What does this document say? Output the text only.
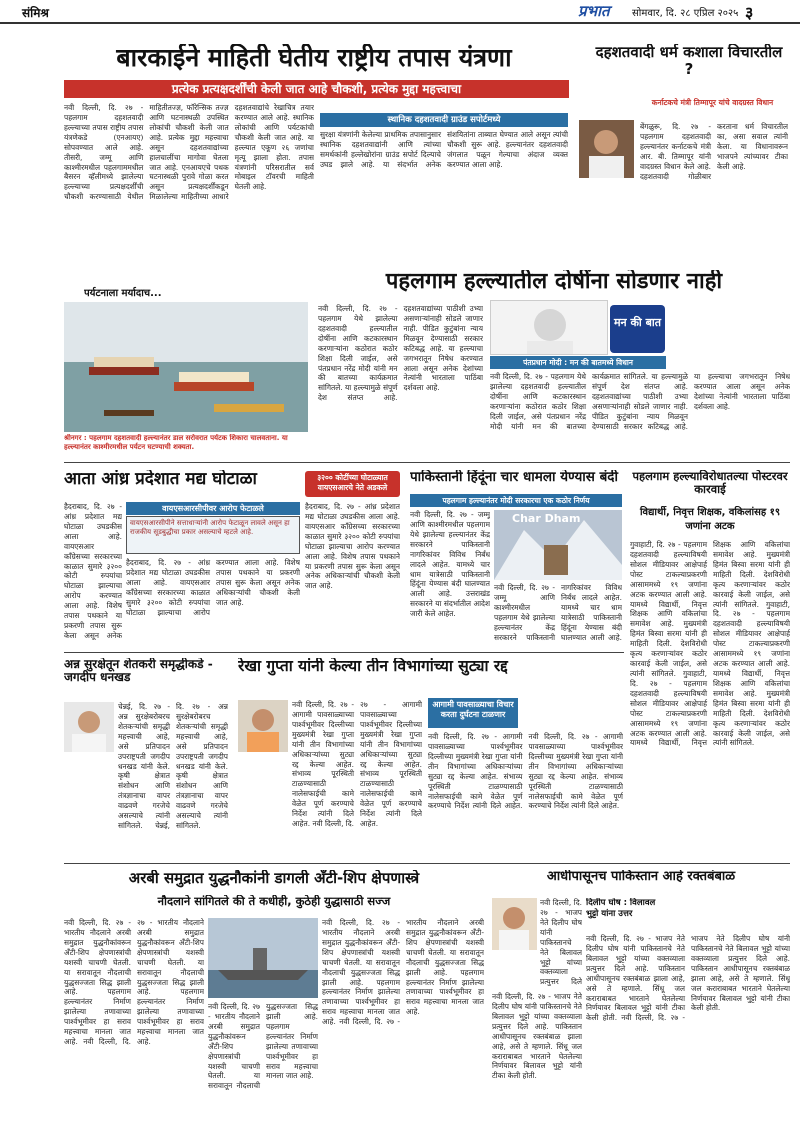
संमिश्र	प्रभात सोमवार, दि. २८ एप्रिल २०२५ ३
बारकाईने माहिती घेतीय राष्ट्रीय तपास यंत्रणा
प्रत्येक प्रत्यक्षदर्शींची केली जात आहे चौकशी, प्रत्येक मुद्दा महत्त्वाचा
नवी दिल्ली, दि. २७ - पहलगाम दहशतवादी हल्ल्याच्या तपास राष्ट्रीय तपास यंत्रणेकडे (एनआयए) सोपवण्यात आले आहे. तीसरी, जम्मू आणि काश्मीरमधील पहलगाममधील बैसरन व्हॅलीमध्ये झालेल्या हल्ल्याच्या प्रत्यक्षदर्शींची चौकशी करण्यासाठी येथील माहितीतज्ज्ञ, फॉरेन्सिक तज्ज्ञ आणि घटनास्थळी उपस्थित लोकांची चौकशी केली जात आहे. प्रत्येक मुद्दा महत्त्वाचा असून दहशतवाद्यांच्या हालचालींचा मागोवा घेतला जात आहे. एनआयएचे पथक घटनास्थळी पुरावे गोळा करत असून प्रत्यक्षदर्शींकडून मिळालेल्या माहितीच्या आधारे दहशतवाद्यांचे रेखाचित्र तयार करण्यात आले आहे. स्थानिक लोकांची आणि पर्यटकांची चौकशी केली जात आहे. या हल्ल्यात एकूण २६ जणांचा मृत्यू झाला होता. तपास यंत्रणांनी परिसरातील सर्व मोबाइल टॉवरची माहिती घेतली आहे.
स्थानिक दहशतवादी ग्राउंड सपोर्टमध्ये
सुरक्षा यंत्रणांनी केलेल्या प्राथमिक तपासानुसार स्थानिक दहशतवाद्यांनी आणि त्यांच्या समर्थकांनी हल्लेखोरांना ग्राउंड सपोर्ट दिल्याचे उघड झाले आहे. या संदर्भात अनेक संशयितांना ताब्यात घेण्यात आले असून त्यांची चौकशी सुरू आहे. हल्ल्यानंतर दहशतवादी जंगलात पळून गेल्याचा अंदाज व्यक्त करण्यात आला आहे.
दहशतवादी धर्म कशाला विचारतील ?
कर्नाटकचे मंत्री तिम्मापूर यांचे वादग्रस्त विधान
बेंगळुरू, दि. २७ - पहलगाम दहशतवादी हल्ल्यानंतर कर्नाटकचे मंत्री आर. बी. तिम्मापूर यांनी वादग्रस्त विधान केले आहे. दहशतवादी गोळीबार करताना धर्म विचारतील का, असा सवाल त्यांनी केला. या विधानावरून भाजपने त्यांच्यावर टीका केली आहे.
पर्यटनाला मर्यादाच...
श्रीनगर : पहलगाम दहशतवादी हल्ल्यानंतर डाल सरोवरात पर्यटक शिकारा चालवताना. या हल्ल्यानंतर काश्मीरमधील पर्यटन घटण्याची शक्यता.
पहलगाम हल्ल्यातील दोषींना सोडणार नाही
नवी दिल्ली, दि. २७ - पहलगाम येथे झालेल्या दहशतवादी हल्ल्यातील दोषींना आणि कटकारस्थान करणाऱ्यांना कठोरात कठोर शिक्षा दिली जाईल, असे पंतप्रधान नरेंद्र मोदी यांनी मन की बातच्या कार्यक्रमात सांगितले. या हल्ल्यामुळे संपूर्ण देश संतप्त आहे. दहशतवाद्यांच्या पाठीशी उभ्या असणाऱ्यांनाही सोडले जाणार नाही. पीडित कुटुंबांना न्याय मिळवून देण्यासाठी सरकार कटिबद्ध आहे. या हल्ल्याचा जगभरातून निषेध करण्यात आला असून अनेक देशांच्या नेत्यांनी भारताला पाठिंबा दर्शवला आहे.
मन की बात
पंतप्रधान मोदी : मन की बातमध्ये विधान
नवी दिल्ली, दि. २७ - पहलगाम येथे झालेल्या दहशतवादी हल्ल्यातील दोषींना आणि कटकारस्थान करणाऱ्यांना कठोरात कठोर शिक्षा दिली जाईल, असे पंतप्रधान नरेंद्र मोदी यांनी मन की बातच्या कार्यक्रमात सांगितले. या हल्ल्यामुळे संपूर्ण देश संतप्त आहे. दहशतवाद्यांच्या पाठीशी उभ्या असणाऱ्यांनाही सोडले जाणार नाही. पीडित कुटुंबांना न्याय मिळवून देण्यासाठी सरकार कटिबद्ध आहे. या हल्ल्याचा जगभरातून निषेध करण्यात आला असून अनेक देशांच्या नेत्यांनी भारताला पाठिंबा दर्शवला आहे.
आता आंध्र प्रदेशात मद्य घोटाळा	३२०० कोटींच्या घोटाळ्यात वायएसआरचे नेते अडकले
हैदराबाद, दि. २७ - आंध्र प्रदेशात मद्य घोटाळा उघडकीस आला आहे. वायएसआर काँग्रेसच्या सरकारच्या काळात सुमारे ३२०० कोटी रुपयांचा घोटाळा झाल्याचा आरोप करण्यात आला आहे. विशेष तपास पथकाने या प्रकरणी तपास सुरू केला असून अनेक
वायएसआरसीपीवर आरोप फेटाळले
वायएसआरसीपीने सत्ताधाऱ्यांनी आरोप फेटाळून लावले असून हा राजकीय सूडबुद्धीचा प्रकार असल्याचे म्हटले आहे.
हैदराबाद, दि. २७ - आंध्र प्रदेशात मद्य घोटाळा उघडकीस आला आहे. वायएसआर काँग्रेसच्या सरकारच्या काळात सुमारे ३२०० कोटी रुपयांचा घोटाळा झाल्याचा आरोप करण्यात आला आहे. विशेष तपास पथकाने या प्रकरणी तपास सुरू केला असून अनेक अधिकाऱ्यांची चौकशी केली जात आहे.
हैदराबाद, दि. २७ - आंध्र प्रदेशात मद्य घोटाळा उघडकीस आला आहे. वायएसआर काँग्रेसच्या सरकारच्या काळात सुमारे ३२०० कोटी रुपयांचा घोटाळा झाल्याचा आरोप करण्यात आला आहे. विशेष तपास पथकाने या प्रकरणी तपास सुरू केला असून अनेक अधिकाऱ्यांची चौकशी केली जात आहे.
पाकिस्तानी हिंदूंना चार धामला येण्यास बंदी
पहलगाम हल्ल्यानंतर मोदी सरकारचा एक कठोर निर्णय
नवी दिल्ली, दि. २७ - जम्मू आणि काश्मीरमधील पहलगाम येथे झालेल्या हल्ल्यानंतर केंद्र सरकारने पाकिस्तानी नागरिकांवर विविध निर्बंध लादले आहेत. यामध्ये चार धाम यात्रेसाठी पाकिस्तानी हिंदूंना येण्यास बंदी घालण्यात आली आहे. उत्तराखंड सरकारने या संदर्भातील आदेश जारी केले आहेत.
Char Dham
नवी दिल्ली, दि. २७ - जम्मू आणि काश्मीरमधील पहलगाम येथे झालेल्या हल्ल्यानंतर केंद्र सरकारने पाकिस्तानी नागरिकांवर विविध निर्बंध लादले आहेत. यामध्ये चार धाम यात्रेसाठी पाकिस्तानी हिंदूंना येण्यास बंदी घालण्यात आली आहे.
पहलगाम हल्ल्याविरोधातल्या पोस्टरवर कारवाई
विद्यार्थी, निवृत्त शिक्षक, वकिलांसह १९ जणांना अटक
गुवाहाटी, दि. २७ - पहलगाम दहशतवादी हल्ल्याविषयी सोशल मीडियावर आक्षेपार्ह पोस्ट टाकल्याप्रकरणी आसाममध्ये १९ जणांना अटक करण्यात आली आहे. यामध्ये विद्यार्थी, निवृत्त शिक्षक आणि वकिलांचा समावेश आहे. मुख्यमंत्री हिमंत बिस्वा सरमा यांनी ही माहिती दिली. देशविरोधी कृत्य करणाऱ्यांवर कठोर कारवाई केली जाईल, असे त्यांनी सांगितले. गुवाहाटी, दि. २७ - पहलगाम दहशतवादी हल्ल्याविषयी सोशल मीडियावर आक्षेपार्ह पोस्ट टाकल्याप्रकरणी आसाममध्ये १९ जणांना अटक करण्यात आली आहे. यामध्ये विद्यार्थी, निवृत्त शिक्षक आणि वकिलांचा समावेश आहे. मुख्यमंत्री हिमंत बिस्वा सरमा यांनी ही माहिती दिली. देशविरोधी कृत्य करणाऱ्यांवर कठोर कारवाई केली जाईल, असे त्यांनी सांगितले. गुवाहाटी, दि. २७ - पहलगाम दहशतवादी हल्ल्याविषयी सोशल मीडियावर आक्षेपार्ह पोस्ट टाकल्याप्रकरणी आसाममध्ये १९ जणांना अटक करण्यात आली आहे. यामध्ये विद्यार्थी, निवृत्त शिक्षक आणि वकिलांचा समावेश आहे. मुख्यमंत्री हिमंत बिस्वा सरमा यांनी ही माहिती दिली. देशविरोधी कृत्य करणाऱ्यांवर कठोर कारवाई केली जाईल, असे त्यांनी सांगितले.
अन्न सुरक्षेतून शेतकरी समृद्धीकडे - जगदीप धनखड
चेन्नई, दि. २७ - अन्न सुरक्षेबरोबरच शेतकऱ्यांची समृद्धी महत्त्वाची आहे, असे प्रतिपादन उपराष्ट्रपती जगदीप धनखड यांनी केले. कृषी क्षेत्रात संशोधन आणि तंत्रज्ञानाचा वापर वाढवणे गरजेचे असल्याचे त्यांनी सांगितले. चेन्नई, दि. २७ - अन्न सुरक्षेबरोबरच शेतकऱ्यांची समृद्धी महत्त्वाची आहे, असे प्रतिपादन उपराष्ट्रपती जगदीप धनखड यांनी केले. कृषी क्षेत्रात संशोधन आणि तंत्रज्ञानाचा वापर वाढवणे गरजेचे असल्याचे त्यांनी सांगितले.
रेखा गुप्ता यांनी केल्या तीन विभागांच्या सुट्या रद्द
नवी दिल्ली, दि. २७ - आगामी पावसाळ्याच्या पार्श्वभूमीवर दिल्लीच्या मुख्यमंत्री रेखा गुप्ता यांनी तीन विभागांच्या अधिकाऱ्यांच्या सुट्या रद्द केल्या आहेत. संभाव्य पूरस्थिती टाळण्यासाठी नालेसफाईची कामे वेळेत पूर्ण करण्याचे निर्देश त्यांनी दिले आहेत. नवी दिल्ली, दि. २७ - आगामी पावसाळ्याच्या पार्श्वभूमीवर दिल्लीच्या मुख्यमंत्री रेखा गुप्ता यांनी तीन विभागांच्या अधिकाऱ्यांच्या सुट्या रद्द केल्या आहेत. संभाव्य पूरस्थिती टाळण्यासाठी नालेसफाईची कामे वेळेत पूर्ण करण्याचे निर्देश त्यांनी दिले आहेत.
आगामी पावसाळ्याचा विचार करता दुर्घटना टाळणार
नवी दिल्ली, दि. २७ - आगामी पावसाळ्याच्या पार्श्वभूमीवर दिल्लीच्या मुख्यमंत्री रेखा गुप्ता यांनी तीन विभागांच्या अधिकाऱ्यांच्या सुट्या रद्द केल्या आहेत. संभाव्य पूरस्थिती टाळण्यासाठी नालेसफाईची कामे वेळेत पूर्ण करण्याचे निर्देश त्यांनी दिले आहेत. नवी दिल्ली, दि. २७ - आगामी पावसाळ्याच्या पार्श्वभूमीवर दिल्लीच्या मुख्यमंत्री रेखा गुप्ता यांनी तीन विभागांच्या अधिकाऱ्यांच्या सुट्या रद्द केल्या आहेत. संभाव्य पूरस्थिती टाळण्यासाठी नालेसफाईची कामे वेळेत पूर्ण करण्याचे निर्देश त्यांनी दिले आहेत.
अरबी समुद्रात युद्धनौकांनी डागली अँटी-शिप क्षेपणास्त्रे
नौदलाने सांगितले की ते कधीही, कुठेही युद्धासाठी सज्ज
नवी दिल्ली, दि. २७ - भारतीय नौदलाने अरबी समुद्रात युद्धनौकांवरून अँटी-शिप क्षेपणास्त्रांची यशस्वी चाचणी घेतली. या सरावातून नौदलाची युद्धसज्जता सिद्ध झाली आहे. पहलगाम हल्ल्यानंतर निर्माण झालेल्या तणावाच्या पार्श्वभूमीवर हा सराव महत्त्वाचा मानला जात आहे. नवी दिल्ली, दि. २७ - भारतीय नौदलाने अरबी समुद्रात युद्धनौकांवरून अँटी-शिप क्षेपणास्त्रांची यशस्वी चाचणी घेतली. या सरावातून नौदलाची युद्धसज्जता सिद्ध झाली आहे. पहलगाम हल्ल्यानंतर निर्माण झालेल्या तणावाच्या पार्श्वभूमीवर हा सराव महत्त्वाचा मानला जात आहे.
नवी दिल्ली, दि. २७ - भारतीय नौदलाने अरबी समुद्रात युद्धनौकांवरून अँटी-शिप क्षेपणास्त्रांची यशस्वी चाचणी घेतली. या सरावातून नौदलाची युद्धसज्जता सिद्ध झाली आहे. पहलगाम हल्ल्यानंतर निर्माण झालेल्या तणावाच्या पार्श्वभूमीवर हा सराव महत्त्वाचा मानला जात आहे.
नवी दिल्ली, दि. २७ - भारतीय नौदलाने अरबी समुद्रात युद्धनौकांवरून अँटी-शिप क्षेपणास्त्रांची यशस्वी चाचणी घेतली. या सरावातून नौदलाची युद्धसज्जता सिद्ध झाली आहे. पहलगाम हल्ल्यानंतर निर्माण झालेल्या तणावाच्या पार्श्वभूमीवर हा सराव महत्त्वाचा मानला जात आहे. नवी दिल्ली, दि. २७ - भारतीय नौदलाने अरबी समुद्रात युद्धनौकांवरून अँटी-शिप क्षेपणास्त्रांची यशस्वी चाचणी घेतली. या सरावातून नौदलाची युद्धसज्जता सिद्ध झाली आहे. पहलगाम हल्ल्यानंतर निर्माण झालेल्या तणावाच्या पार्श्वभूमीवर हा सराव महत्त्वाचा मानला जात आहे.
आधीपासूनच पाकिस्तान आहे रक्तबंबाळ
नवी दिल्ली, दि. २७ - भाजप नेते दिलीप घोष यांनी पाकिस्तानचे नेते बिलावल भुट्टो यांच्या वक्तव्याला प्रत्युत्तर दिले
दिलीप घोष : विलावल भुट्टो यांना उत्तर
नवी दिल्ली, दि. २७ - भाजप नेते दिलीप घोष यांनी पाकिस्तानचे नेते बिलावल भुट्टो यांच्या वक्तव्याला प्रत्युत्तर दिले आहे. पाकिस्तान आधीपासूनच रक्तबंबाळ झाला आहे, असे ते म्हणाले. सिंधू जल कराराबाबत भारताने घेतलेल्या निर्णयावर बिलावल भुट्टो यांनी टीका केली होती. नवी दिल्ली, दि. २७ - भाजप नेते दिलीप घोष यांनी पाकिस्तानचे नेते बिलावल भुट्टो यांच्या वक्तव्याला प्रत्युत्तर दिले आहे. पाकिस्तान आधीपासूनच रक्तबंबाळ झाला आहे, असे ते म्हणाले. सिंधू जल कराराबाबत भारताने घेतलेल्या निर्णयावर बिलावल भुट्टो यांनी टीका केली होती.
नवी दिल्ली, दि. २७ - भाजप नेते दिलीप घोष यांनी पाकिस्तानचे नेते बिलावल भुट्टो यांच्या वक्तव्याला प्रत्युत्तर दिले आहे. पाकिस्तान आधीपासूनच रक्तबंबाळ झाला आहे, असे ते म्हणाले. सिंधू जल कराराबाबत भारताने घेतलेल्या निर्णयावर बिलावल भुट्टो यांनी टीका केली होती.
